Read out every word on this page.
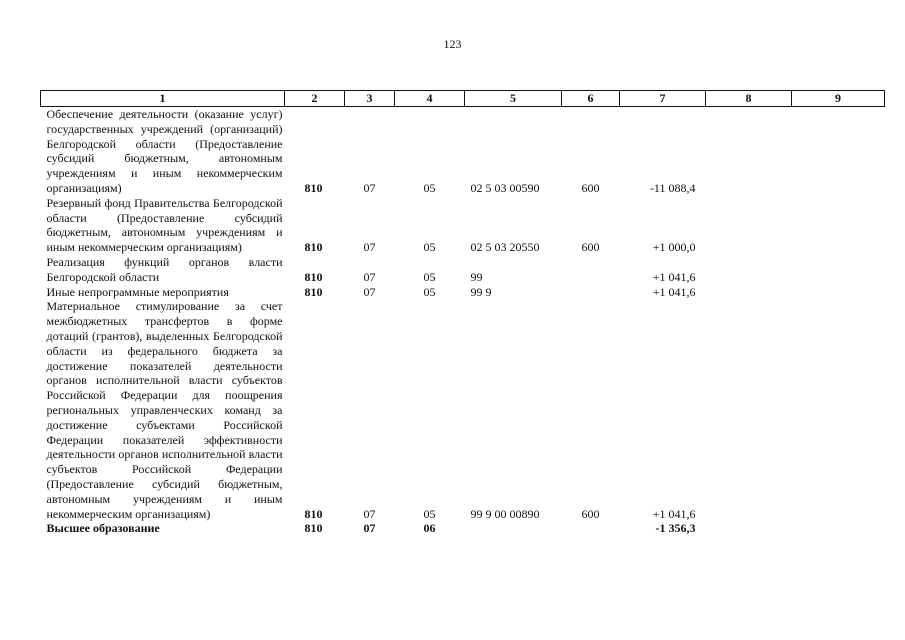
123
1	2	3	4	5	6	7	8	9
Обеспечение деятельности (оказание услуг) государственных учреждений (организаций) Белгородской области (Предоставление субсидий бюджетным, автономным учреждениям и иным некоммерческим организациям)	810	07	05	02 5 03 00590	600	-11 088,4		
Резервный фонд Правительства Белгородской области (Предоставление субсидий бюджетным, автономным учреждениям и иным некоммерческим организациям)	810	07	05	02 5 03 20550	600	+1 000,0		
Реализация функций органов власти Белгородской области	810	07	05	99		+1 041,6		
Иные непрограммные мероприятия	810	07	05	99 9		+1 041,6		
Материальное стимулирование за счет межбюджетных трансфертов в форме дотаций (грантов), выделенных Белгородской области из федерального бюджета за достижение показателей деятельности органов исполнительной власти субъектов Российской Федерации для поощрения региональных управленческих команд за достижение субъектами Российской Федерации показателей эффективности деятельности органов исполнительной власти субъектов Российской Федерации (Предоставление субсидий бюджетным, автономным учреждениям и иным некоммерческим организациям)	810	07	05	99 9 00 00890	600	+1 041,6		
Высшее образование	810	07	06			-1 356,3		
